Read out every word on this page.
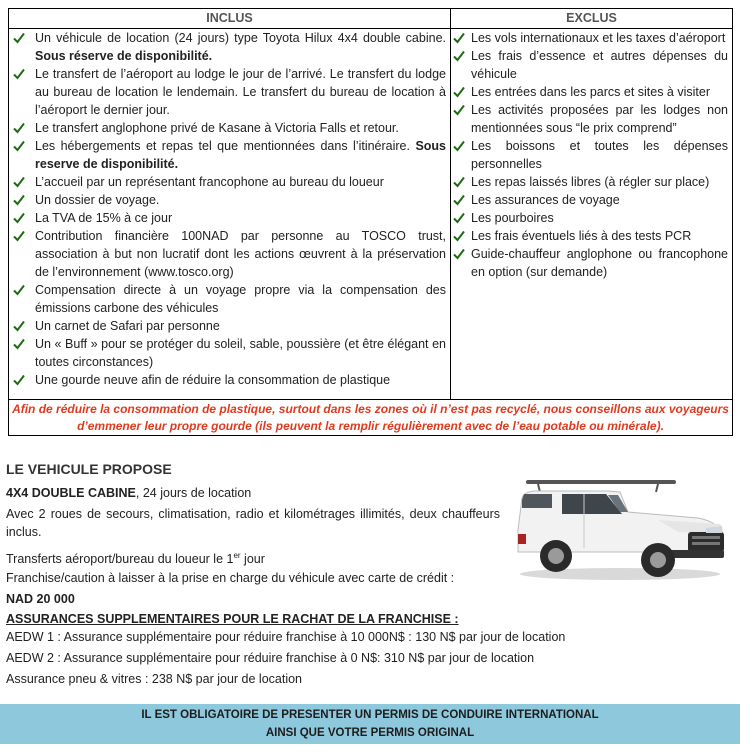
INCLUS
Un véhicule de location (24 jours) type Toyota Hilux 4x4 double cabine. Sous réserve de disponibilité.
Le transfert de l’aéroport au lodge le jour de l’arrivé. Le transfert du lodge au bureau de location le lendemain. Le transfert du bureau de location à l’aéroport le dernier jour.
Le transfert anglophone privé de Kasane à Victoria Falls et retour.
Les hébergements et repas tel que mentionnées dans l’itinéraire. Sous reserve de disponibilité.
L’accueil par un représentant francophone au bureau du loueur
Un dossier de voyage.
La TVA de 15% à ce jour
Contribution financière 100NAD par personne au TOSCO trust, association à but non lucratif dont les actions œuvrent à la préservation de l’environnement (www.tosco.org)
Compensation directe à un voyage propre via la compensation des émissions carbone des véhicules
Un carnet de Safari par personne
Un « Buff » pour se protéger du soleil, sable, poussière (et être élégant en toutes circonstances)
Une gourde neuve afin de réduire la consommation de plastique
EXCLUS
Les vols internationaux et les taxes d’aéroport
Les frais d’essence et autres dépenses du véhicule
Les entrées dans les parcs et sites à visiter
Les activités proposées par les lodges non mentionnées sous “le prix comprend”
Les boissons et toutes les dépenses personnelles
Les repas laissés libres (à régler sur place)
Les assurances de voyage
Les pourboires
Les frais éventuels liés à des tests PCR
Guide-chauffeur anglophone ou francophone en option (sur demande)
Afin de réduire la consommation de plastique, surtout dans les zones où il n’est pas recyclé, nous conseillons aux voyageurs d’emmener leur propre gourde (ils peuvent la remplir régulièrement avec de l’eau potable ou minérale).
LE VEHICULE PROPOSE
4X4 DOUBLE CABINE, 24 jours de location
Avec 2 roues de secours, climatisation, radio et kilométrages illimités, deux chauffeurs inclus.
Transferts aéroport/bureau du loueur le 1er jour
Franchise/caution à laisser à la prise en charge du véhicule avec carte de crédit :
NAD 20 000
ASSURANCES SUPPLEMENTAIRES POUR LE RACHAT DE LA FRANCHISE :
AEDW 1 : Assurance supplémentaire pour réduire franchise à 10 000N$ : 130 N$ par jour de location
AEDW 2 : Assurance supplémentaire pour réduire franchise à 0 N$: 310 N$ par jour de location
Assurance pneu & vitres : 238 N$ par jour de location
IL EST OBLIGATOIRE DE PRESENTER UN PERMIS DE CONDUIRE INTERNATIONAL
AINSI QUE VOTRE PERMIS ORIGINAL
